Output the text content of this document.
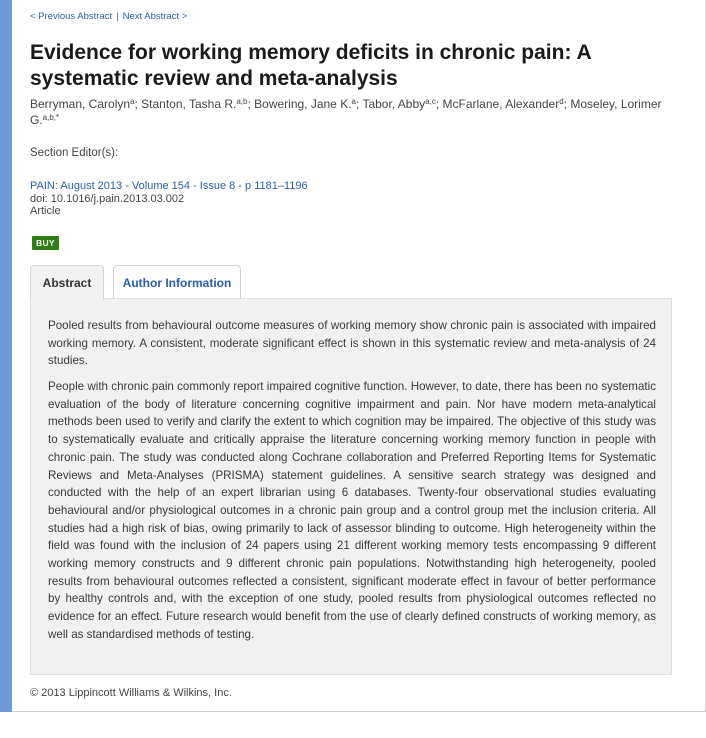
< Previous Abstract | Next Abstract >
Evidence for working memory deficits in chronic pain: A systematic review and meta-analysis
Berryman, Carolyn$^a$; Stanton, Tasha R.$^{a,b}$; Bowering, Jane K.$^a$; Tabor, Abby$^{a,c}$; McFarlane, Alexander$^d$; Moseley, Lorimer G.$^{a,b,*}$
Section Editor(s):
PAIN: August 2013 - Volume 154 - Issue 8 - p 1181–1196
doi: 10.1016/j.pain.2013.03.002
Article
BUY
Abstract	Author Information

Pooled results from behavioural outcome measures of working memory show chronic pain is associated with impaired working memory. A consistent, moderate significant effect is shown in this systematic review and meta-analysis of 24 studies.

People with chronic pain commonly report impaired cognitive function. However, to date, there has been no systematic evaluation of the body of literature concerning cognitive impairment and pain. Nor have modern meta-analytical methods been used to verify and clarify the extent to which cognition may be impaired. The objective of this study was to systematically evaluate and critically appraise the literature concerning working memory function in people with chronic pain. The study was conducted along Cochrane collaboration and Preferred Reporting Items for Systematic Reviews and Meta-Analyses (PRISMA) statement guidelines. A sensitive search strategy was designed and conducted with the help of an expert librarian using 6 databases. Twenty-four observational studies evaluating behavioural and/or physiological outcomes in a chronic pain group and a control group met the inclusion criteria. All studies had a high risk of bias, owing primarily to lack of assessor blinding to outcome. High heterogeneity within the field was found with the inclusion of 24 papers using 21 different working memory tests encompassing 9 different working memory constructs and 9 different chronic pain populations. Notwithstanding high heterogeneity, pooled results from behavioural outcomes reflected a consistent, significant moderate effect in favour of better performance by healthy controls and, with the exception of one study, pooled results from physiological outcomes reflected no evidence for an effect. Future research would benefit from the use of clearly defined constructs of working memory, as well as standardised methods of testing.

© 2013 Lippincott Williams & Wilkins, Inc.
